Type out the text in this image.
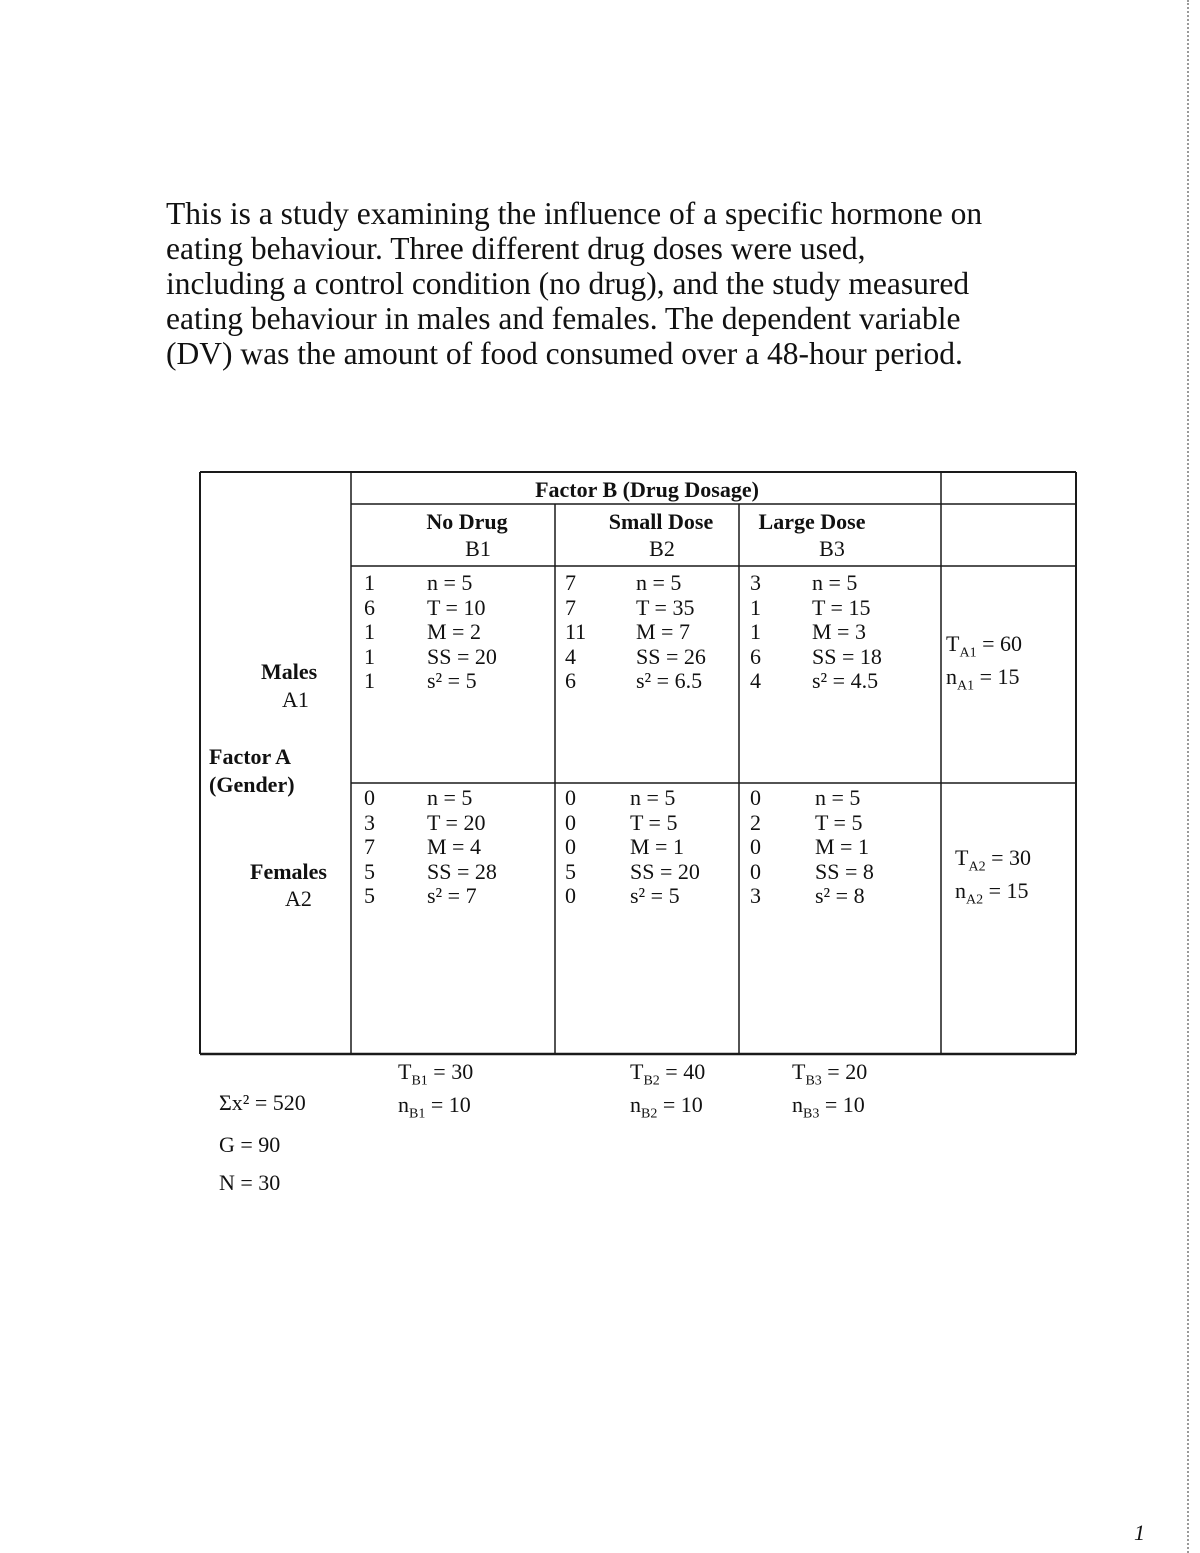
This is a study examining the influence of a specific hormone on
eating behaviour. Three different drug doses were used,
including a control condition (no drug), and the study measured
eating behaviour in males and females. The dependent variable
(DV) was the amount of food consumed over a 48-hour period.

Factor B (Drug Dosage)
No Drug
B1
Small Dose
B2
Large Dose
B3
Males
A1
Factor A
(Gender)
Females
A2
1
6
1
1
1
n = 5
T = 10
M = 2
SS = 20
s² = 5
7
7
11
4
6
n = 5
T = 35
M = 7
SS = 26
s² = 6.5
3
1
1
6
4
n = 5
T = 15
M = 3
SS = 18
s² = 4.5
$T_{A1} = 60$
$n_{A1} = 15$
0
3
7
5
5
n = 5
T = 20
M = 4
SS = 28
s² = 7
0
0
0
5
0
n = 5
T = 5
M = 1
SS = 20
s² = 5
0
2
0
0
3
n = 5
T = 5
M = 1
SS = 8
s² = 8
$T_{A2} = 30$
$n_{A2} = 15$
$T_{B1} = 30$
$n_{B1} = 10$
$T_{B2} = 40$
$n_{B2} = 10$
$T_{B3} = 20$
$n_{B3} = 10$
Σx² = 520
G = 90
N = 30
1
